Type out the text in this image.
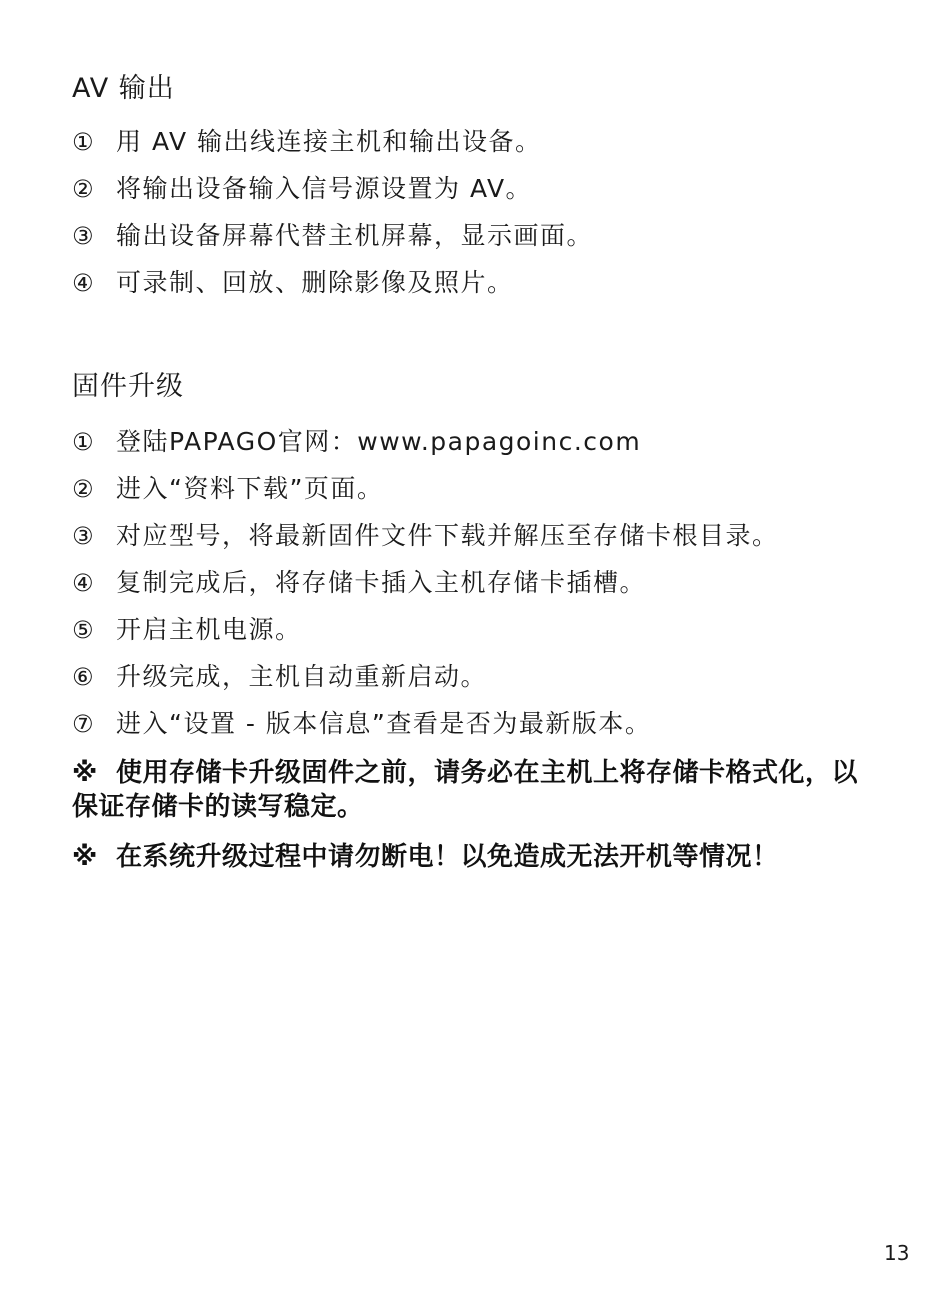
AV 输出
① 用 AV 输出线连接主机和输出设备。
② 将输出设备输入信号源设置为 AV。
③ 输出设备屏幕代替主机屏幕，显示画面。
④ 可录制、回放、删除影像及照片。
固件升级
① 登陆PAPAGO官网：www.papagoinc.com
② 进入“资料下载”页面。
③ 对应型号，将最新固件文件下载并解压至存储卡根目录。
④ 复制完成后，将存储卡插入主机存储卡插槽。
⑤ 开启主机电源。
⑥ 升级完成，主机自动重新启动。
⑦ 进入“设置 - 版本信息”查看是否为最新版本。
※ 使用存储卡升级固件之前，请务必在主机上将存储卡格式化，以保证存储卡的读写稳定。
※ 在系统升级过程中请勿断电！以免造成无法开机等情况！
13
